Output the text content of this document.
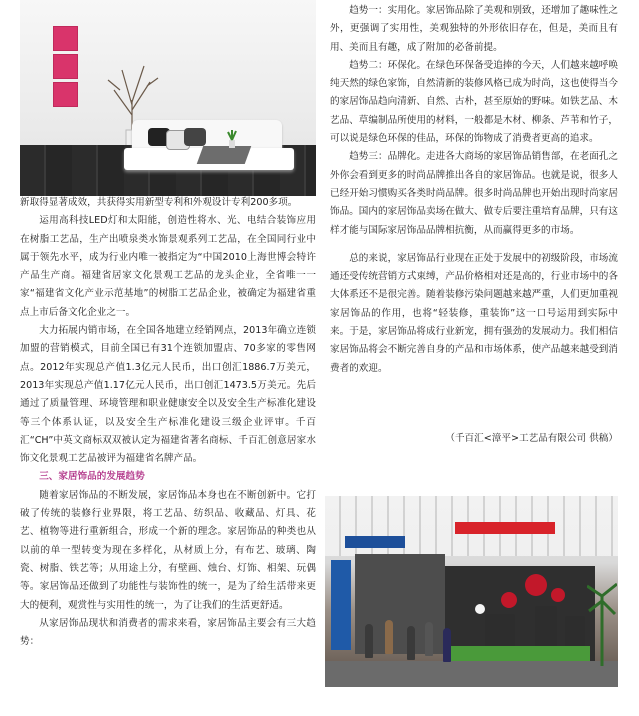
新取得显著成效，共获得实用新型专利和外观设计专利200多项。

运用高科技LED灯和太阳能，创造性将水、光、电结合装饰应用在树脂工艺品，生产出喷泉类水饰景观系列工艺品，在全国同行业中属于领先水平，成为行业内唯一被指定为“中国2010上海世博会特许产品生产商。福建省居家文化景观工艺品的龙头企业，全省唯一一家“福建省文化产业示范基地”的树脂工艺品企业，被确定为福建省重点上市后备文化企业之一。

大力拓展内销市场，在全国各地建立经销网点，2013年确立连锁加盟的营销模式，目前全国已有31个连锁加盟店、70多家的零售网点。2012年实现总产值1.3亿元人民币，出口创汇1886.7万美元，2013年实现总产值1.17亿元人民币，出口创汇1473.5万美元。先后通过了质量管理、环境管理和职业健康安全以及安全生产标准化建设等三个体系认证，以及安全生产标准化建设三级企业评审。千百汇“CH”中英文商标双双被认定为福建省著名商标、千百汇创意居家水饰文化景观工艺品被评为福建省名牌产品。

三、家居饰品的发展趋势

随着家居饰品的不断发展，家居饰品本身也在不断创新中。它打破了传统的装修行业界限，将工艺品、纺织品、收藏品、灯具、花艺、植物等进行重新组合，形成一个新的理念。家居饰品的种类也从以前的单一型转变为现在多样化，从材质上分，有布艺、玻璃、陶瓷、树脂、铁艺等；从用途上分，有壁画、烛台、灯饰、相架、玩偶等。家居饰品还做到了功能性与装饰性的统一，是为了给生活带来更大的便利，观赏性与实用性的统一，为了让我们的生活更舒适。

从家居饰品现状和消费者的需求来看，家居饰品主要会有三大趋势：

趋势一：实用化。家居饰品除了美观和别致，还增加了趣味性之外，更强调了实用性，美观独特的外形依旧存在，但是，美而且有用、美而且有趣，成了附加的必备前提。

趋势二：环保化。在绿色环保备受追捧的今天，人们越来越呼唤纯天然的绿色家饰，自然清新的装修风格已成为时尚，这也使得当今的家居饰品趋向清新、自然、古朴，甚至原始的野味。如铁艺品、木艺品、草编制品所使用的材料，一般都是木材、柳条、芦苇和竹子，可以说是绿色环保的佳品，环保的饰物成了消费者更高的追求。

趋势三：品牌化。走进各大商场的家居饰品销售部，在老面孔之外你会看到更多的时尚品牌推出各自的家居饰品。也就是说，很多人已经开始习惯购买各类时尚品牌。很多时尚品牌也开始出现时尚家居饰品。国内的家居饰品卖场在做大、做专后要注重培育品牌，只有这样才能与国际家居饰品品牌相抗衡，从而赢得更多的市场。

总的来说，家居饰品行业现在正处于发展中的初级阶段，市场流通还受传统营销方式束缚，产品价格相对还是高的，行业市场中的各大体系还不是很完善。随着装修污染问题越来越严重，人们更加重视家居饰品的作用，也将“轻装修，重装饰”这一口号运用到实际中来。于是，家居饰品将成行业新宠，拥有强劲的发展动力。我们相信家居饰品将会不断完善自身的产品和市场体系，使产品越来越受到消费者的欢迎。

（千百汇<漳平>工艺品有限公司 供稿）
